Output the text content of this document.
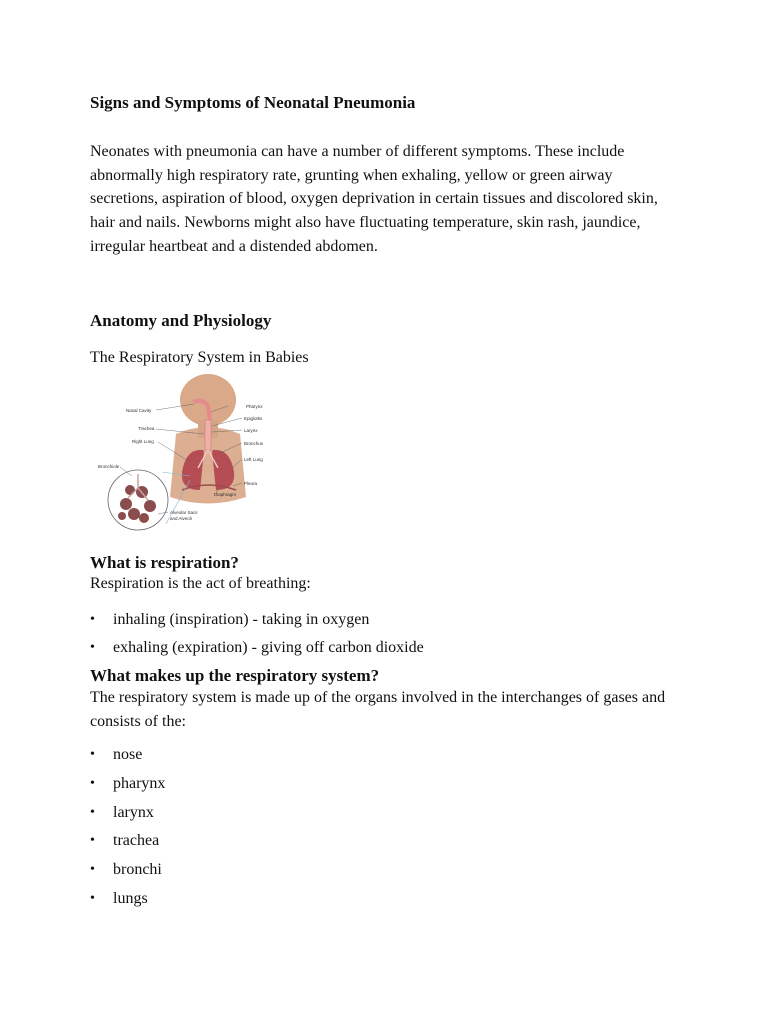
Signs and Symptoms of Neonatal Pneumonia

Neonates with pneumonia can have a number of different symptoms. These include abnormally high respiratory rate, grunting when exhaling, yellow or green airway secretions, aspiration of blood, oxygen deprivation in certain tissues and discolored skin, hair and nails. Newborns might also have fluctuating temperature, skin rash, jaundice, irregular heartbeat and a distended abdomen.

Anatomy and Physiology

The Respiratory System in Babies

Nasal Cavity
Trachea
Right Lung
Bronchiole
Pharynx
Epiglottis
Larynx
Bronchus
Left Lung
Pleura
Diaphragm
Alveolar Sacs
and Alveoli
What is respiration?

Respiration is the act of breathing:

• inhaling (inspiration) - taking in oxygen
• exhaling (expiration) - giving off carbon dioxide
What makes up the respiratory system?

The respiratory system is made up of the organs involved in the interchanges of gases and consists of the:

• nose
• pharynx
• larynx
• trachea
• bronchi
• lungs
